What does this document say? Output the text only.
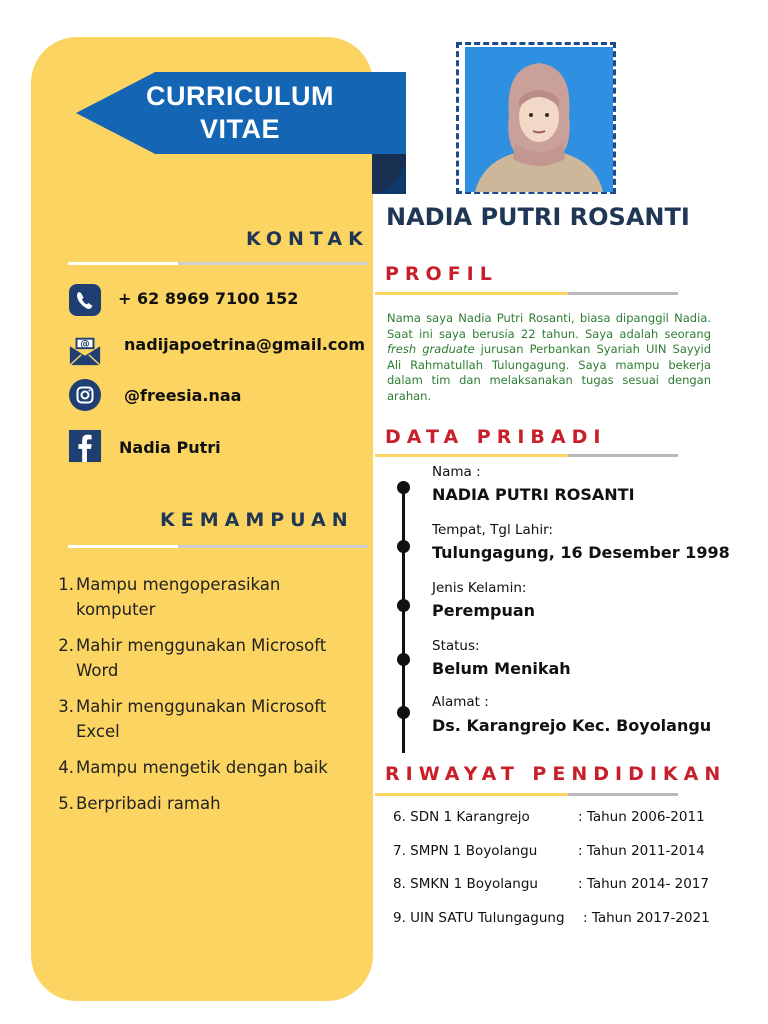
CURRICULUM
VITAE
KONTAK
+ 62 8969 7100 152
@ nadijapoetrina@gmail.com
@freesia.naa
Nadia Putri
KEMAMPUAN
1. Mampu mengoperasikan komputer
2. Mahir menggunakan Microsoft Word
3. Mahir menggunakan Microsoft Excel
4. Mampu mengetik dengan baik
5. Berpribadi ramah
NADIA PUTRI ROSANTI
PROFIL

Nama saya Nadia Putri Rosanti, biasa dipanggil Nadia. Saat ini saya berusia 22 tahun. Saya adalah seorang fresh graduate jurusan Perbankan Syariah UIN Sayyid Ali Rahmatullah Tulungagung. Saya mampu bekerja dalam tim dan melaksanakan tugas sesuai dengan arahan.

DATA PRIBADI
Nama :
NADIA PUTRI ROSANTI
Tempat, Tgl Lahir:
Tulungagung, 16 Desember 1998
Jenis Kelamin:
Perempuan
Status:
Belum Menikah
Alamat :
Ds. Karangrejo Kec. Boyolangu
RIWAYAT PENDIDIKAN
6. SDN 1 Karangrejo	: Tahun 2006-2011
7. SMPN 1 Boyolangu	: Tahun 2011-2014
8. SMKN 1 Boyolangu	: Tahun 2014- 2017
9. UIN SATU Tulungagung : Tahun 2017-2021
